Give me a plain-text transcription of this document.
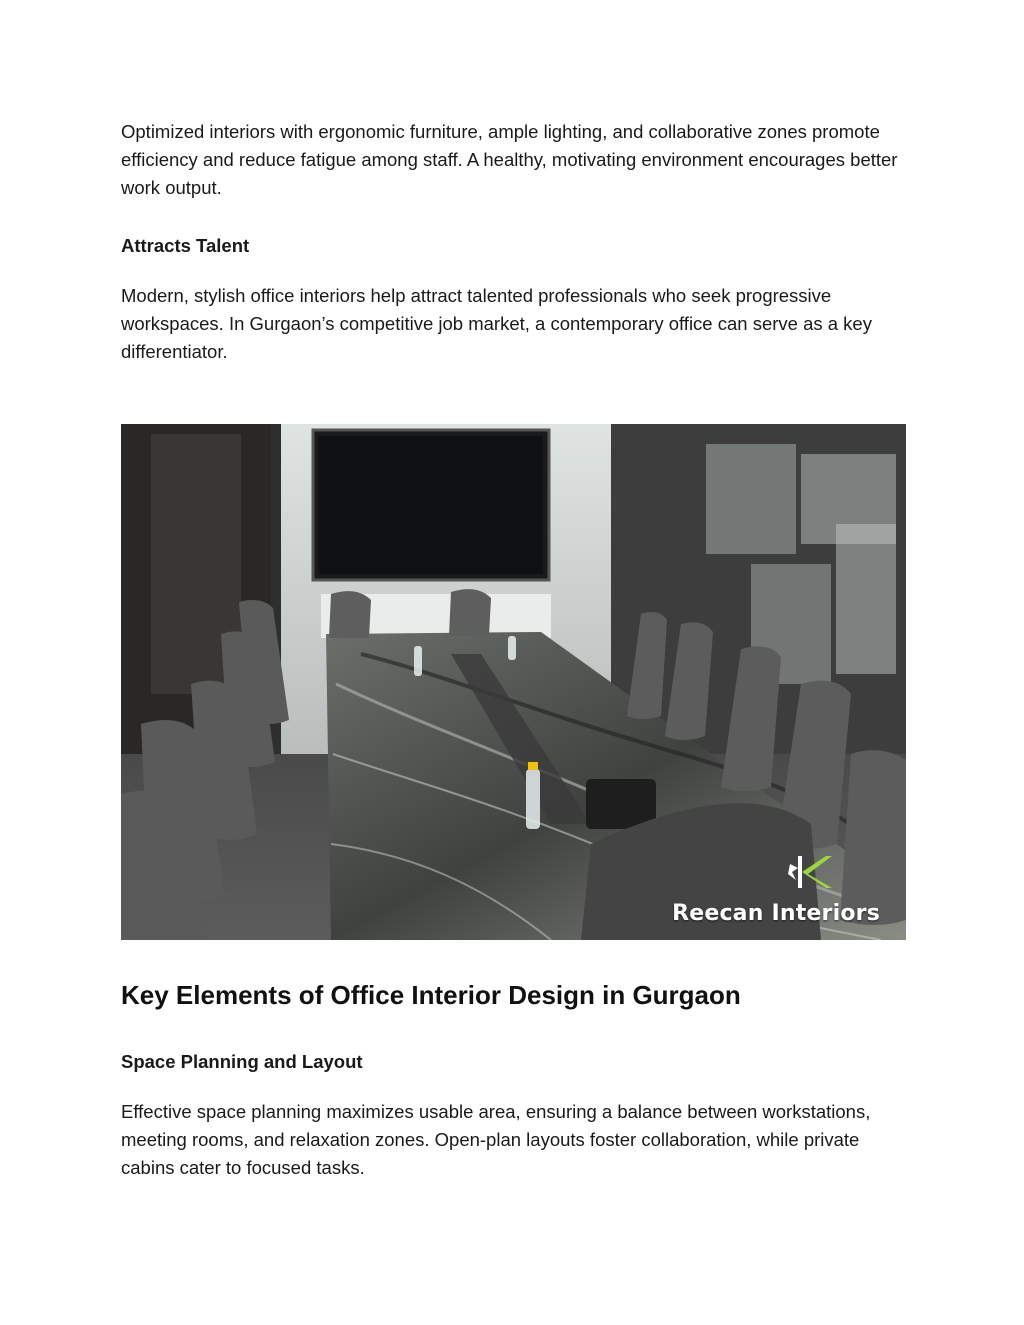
Optimized interiors with ergonomic furniture, ample lighting, and collaborative zones promote efficiency and reduce fatigue among staff. A healthy, motivating environment encourages better work output.

Attracts Talent

Modern, stylish office interiors help attract talented professionals who seek progressive workspaces. In Gurgaon’s competitive job market, a contemporary office can serve as a key differentiator.

Reecan Interiors
Key Elements of Office Interior Design in Gurgaon

Space Planning and Layout

Effective space planning maximizes usable area, ensuring a balance between workstations, meeting rooms, and relaxation zones. Open-plan layouts foster collaboration, while private cabins cater to focused tasks.
